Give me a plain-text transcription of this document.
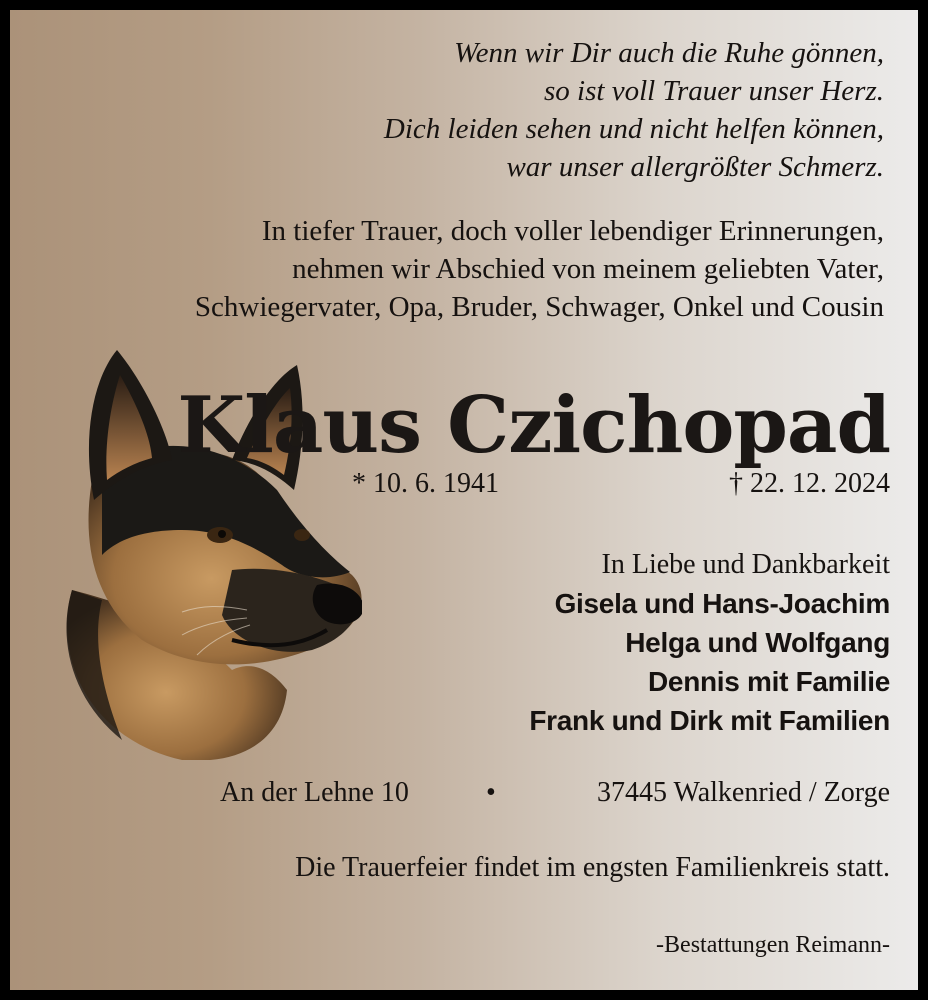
Wenn wir Dir auch die Ruhe gönnen,
so ist voll Trauer unser Herz.
Dich leiden sehen und nicht helfen können,
war unser allergrößter Schmerz.
In tiefer Trauer, doch voller lebendiger Erinnerungen,
nehmen wir Abschied von meinem geliebten Vater,
Schwiegervater, Opa, Bruder, Schwager, Onkel und Cousin
Klaus Czichopad
* 10. 6. 1941	† 22. 12. 2024
In Liebe und Dankbarkeit
Gisela und Hans-Joachim
Helga und Wolfgang
Dennis mit Familie
Frank und Dirk mit Familien
An der Lehne 10	•	37445 Walkenried / Zorge
Die Trauerfeier findet im engsten Familienkreis statt.
-Bestattungen Reimann-
